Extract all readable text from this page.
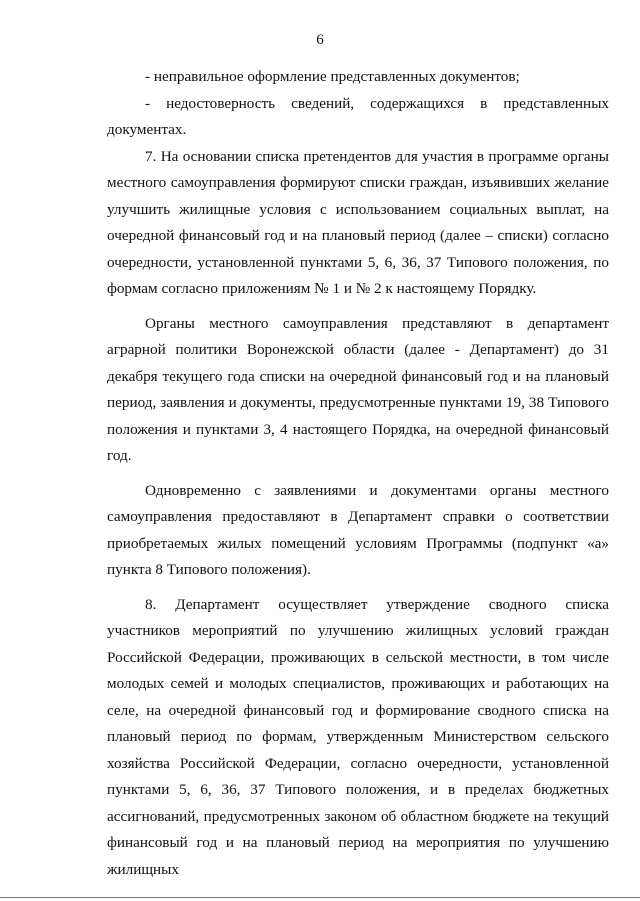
6

- неправильное оформление представленных документов;

- недостоверность сведений, содержащихся в представленных документах.

7. На основании списка претендентов для участия в программе органы местного самоуправления формируют списки граждан, изъявивших желание улучшить жилищные условия с использованием социальных выплат, на очередной финансовый год и на плановый период (далее – списки) согласно очередности, установленной пунктами 5, 6, 36, 37 Типового положения, по формам согласно приложениям № 1 и № 2 к настоящему Порядку.

Органы местного самоуправления представляют в департамент аграрной политики Воронежской области (далее - Департамент) до 31 декабря текущего года списки на очередной финансовый год и на плановый период, заявления и документы, предусмотренные пунктами 19, 38 Типового положения и пунктами 3, 4 настоящего Порядка, на очередной финансовый год.

Одновременно с заявлениями и документами органы местного самоуправления предоставляют в Департамент справки о соответствии приобретаемых жилых помещений условиям Программы (подпункт «а» пункта 8 Типового положения).

8. Департамент осуществляет утверждение сводного списка участников мероприятий по улучшению жилищных условий граждан Российской Федерации, проживающих в сельской местности, в том числе молодых семей и молодых специалистов, проживающих и работающих на селе, на очередной финансовый год и формирование сводного списка на плановый период по формам, утвержденным Министерством сельского хозяйства Российской Федерации, согласно очередности, установленной пунктами 5, 6, 36, 37 Типового положения, и в пределах бюджетных ассигнований, предусмотренных законом об областном бюджете на текущий финансовый год и на плановый период на мероприятия по улучшению жилищных
